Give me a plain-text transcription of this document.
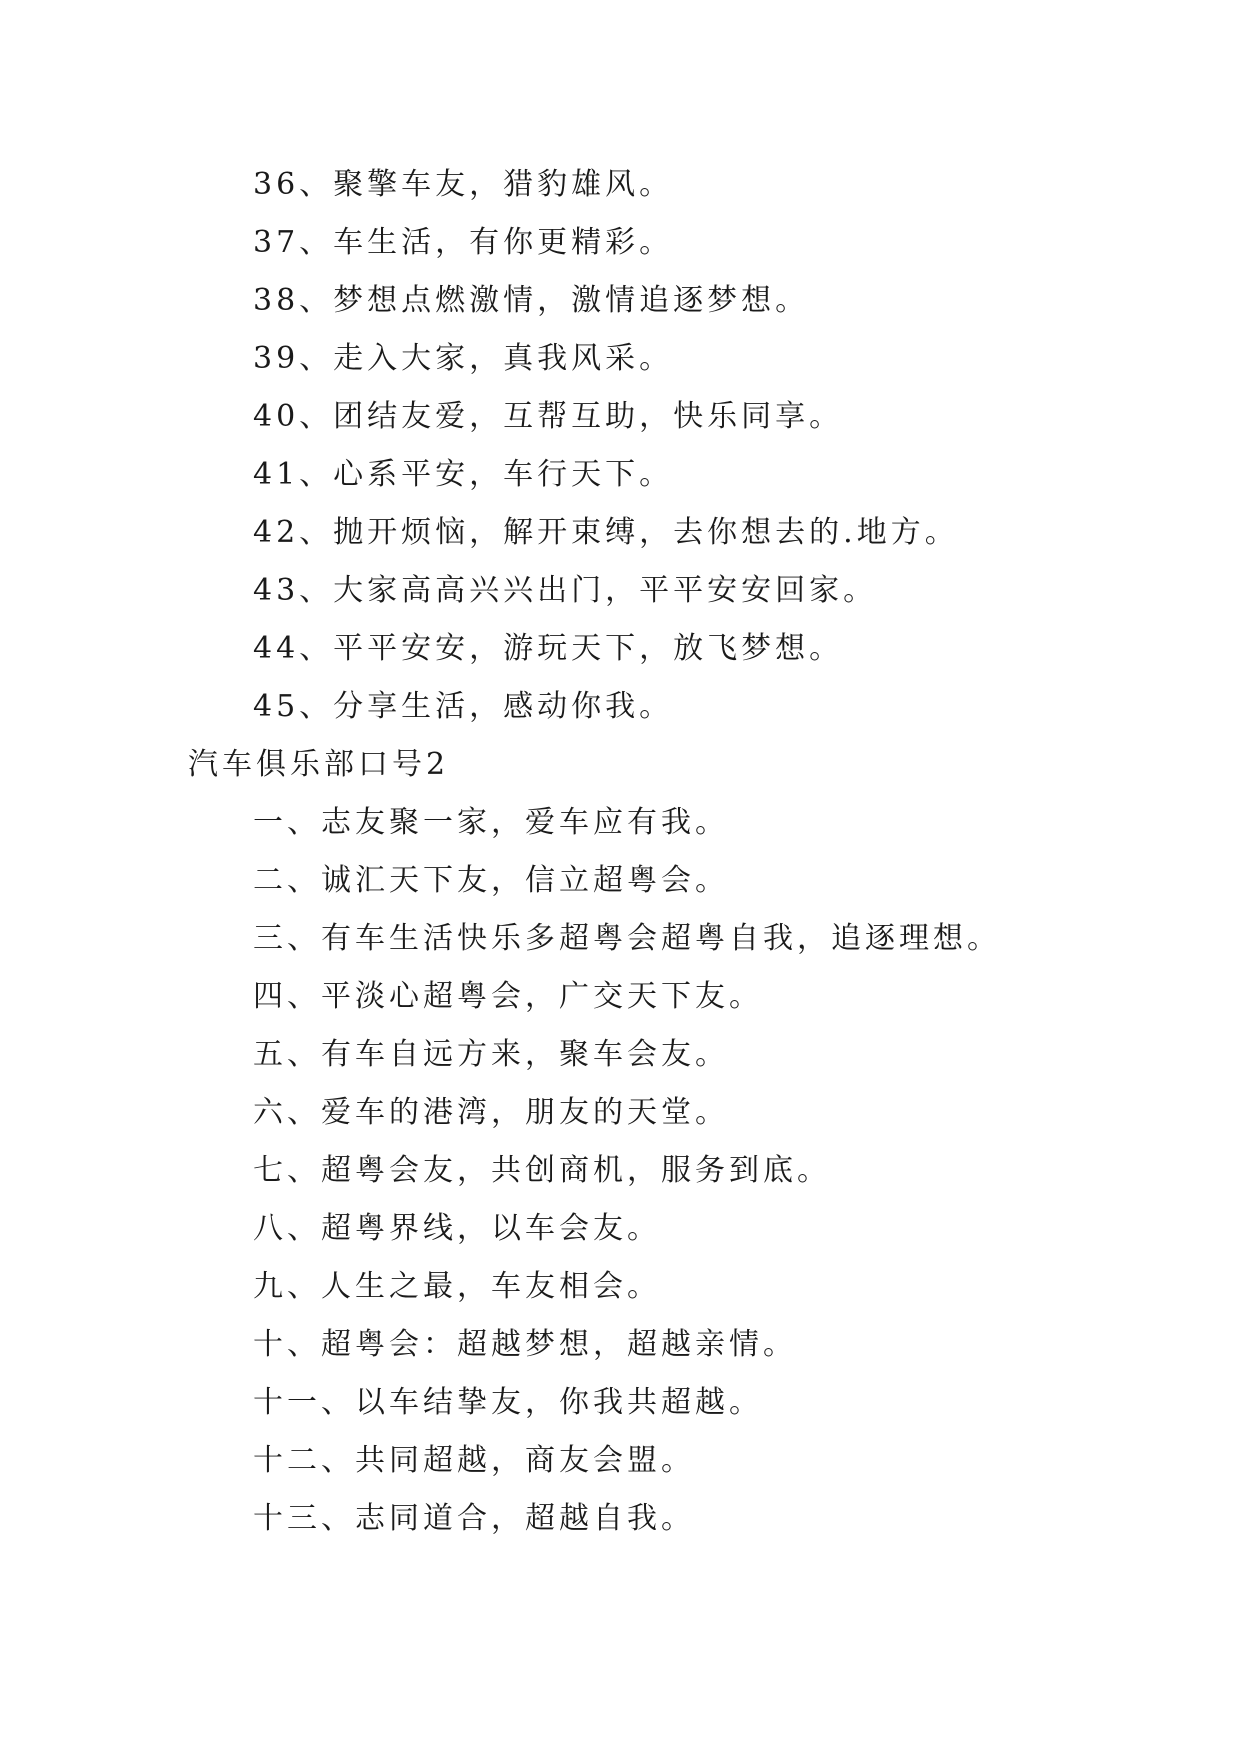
36、聚擎车友，猎豹雄风。
37、车生活，有你更精彩。
38、梦想点燃激情，激情追逐梦想。
39、走入大家，真我风采。
40、团结友爱，互帮互助，快乐同享。
41、心系平安，车行天下。
42、抛开烦恼，解开束缚，去你想去的.地方。
43、大家高高兴兴出门，平平安安回家。
44、平平安安，游玩天下，放飞梦想。
45、分享生活，感动你我。
汽车俱乐部口号2
一、志友聚一家，爱车应有我。
二、诚汇天下友，信立超粤会。
三、有车生活快乐多超粤会超粤自我，追逐理想。
四、平淡心超粤会，广交天下友。
五、有车自远方来，聚车会友。
六、爱车的港湾，朋友的天堂。
七、超粤会友，共创商机，服务到底。
八、超粤界线，以车会友。
九、人生之最，车友相会。
十、超粤会：超越梦想，超越亲情。
十一、以车结挚友，你我共超越。
十二、共同超越，商友会盟。
十三、志同道合，超越自我。
